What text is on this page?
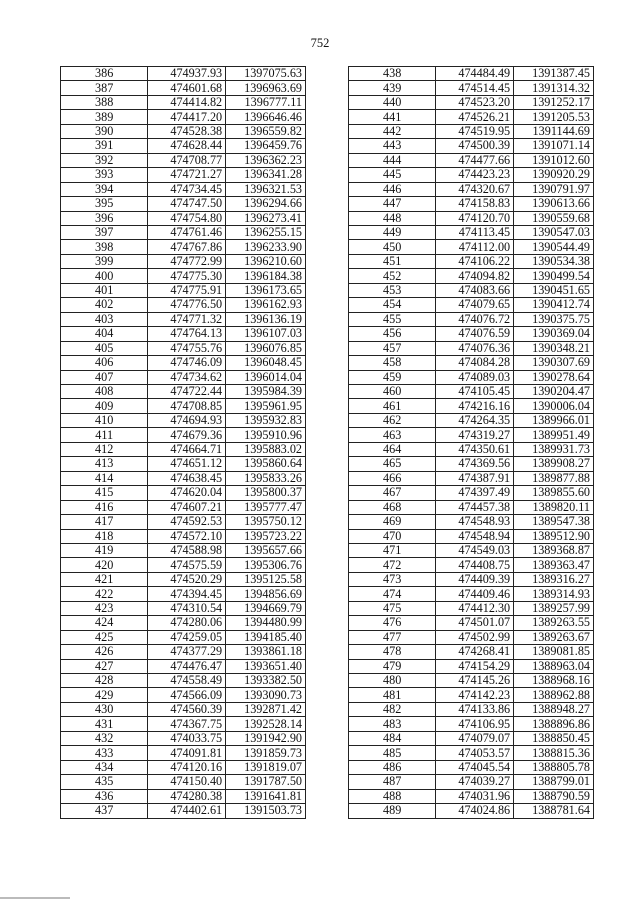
752
386	474937.93	1397075.63
387	474601.68	1396963.69
388	474414.82	1396777.11
389	474417.20	1396646.46
390	474528.38	1396559.82
391	474628.44	1396459.76
392	474708.77	1396362.23
393	474721.27	1396341.28
394	474734.45	1396321.53
395	474747.50	1396294.66
396	474754.80	1396273.41
397	474761.46	1396255.15
398	474767.86	1396233.90
399	474772.99	1396210.60
400	474775.30	1396184.38
401	474775.91	1396173.65
402	474776.50	1396162.93
403	474771.32	1396136.19
404	474764.13	1396107.03
405	474755.76	1396076.85
406	474746.09	1396048.45
407	474734.62	1396014.04
408	474722.44	1395984.39
409	474708.85	1395961.95
410	474694.93	1395932.83
411	474679.36	1395910.96
412	474664.71	1395883.02
413	474651.12	1395860.64
414	474638.45	1395833.26
415	474620.04	1395800.37
416	474607.21	1395777.47
417	474592.53	1395750.12
418	474572.10	1395723.22
419	474588.98	1395657.66
420	474575.59	1395306.76
421	474520.29	1395125.58
422	474394.45	1394856.69
423	474310.54	1394669.79
424	474280.06	1394480.99
425	474259.05	1394185.40
426	474377.29	1393861.18
427	474476.47	1393651.40
428	474558.49	1393382.50
429	474566.09	1393090.73
430	474560.39	1392871.42
431	474367.75	1392528.14
432	474033.75	1391942.90
433	474091.81	1391859.73
434	474120.16	1391819.07
435	474150.40	1391787.50
436	474280.38	1391641.81
437	474402.61	1391503.73
438	474484.49	1391387.45
439	474514.45	1391314.32
440	474523.20	1391252.17
441	474526.21	1391205.53
442	474519.95	1391144.69
443	474500.39	1391071.14
444	474477.66	1391012.60
445	474423.23	1390920.29
446	474320.67	1390791.97
447	474158.83	1390613.66
448	474120.70	1390559.68
449	474113.45	1390547.03
450	474112.00	1390544.49
451	474106.22	1390534.38
452	474094.82	1390499.54
453	474083.66	1390451.65
454	474079.65	1390412.74
455	474076.72	1390375.75
456	474076.59	1390369.04
457	474076.36	1390348.21
458	474084.28	1390307.69
459	474089.03	1390278.64
460	474105.45	1390204.47
461	474216.16	1390006.04
462	474264.35	1389966.01
463	474319.27	1389951.49
464	474350.61	1389931.73
465	474369.56	1389908.27
466	474387.91	1389877.88
467	474397.49	1389855.60
468	474457.38	1389820.11
469	474548.93	1389547.38
470	474548.94	1389512.90
471	474549.03	1389368.87
472	474408.75	1389363.47
473	474409.39	1389316.27
474	474409.46	1389314.93
475	474412.30	1389257.99
476	474501.07	1389263.55
477	474502.99	1389263.67
478	474268.41	1389081.85
479	474154.29	1388963.04
480	474145.26	1388968.16
481	474142.23	1388962.88
482	474133.86	1388948.27
483	474106.95	1388896.86
484	474079.07	1388850.45
485	474053.57	1388815.36
486	474045.54	1388805.78
487	474039.27	1388799.01
488	474031.96	1388790.59
489	474024.86	1388781.64
